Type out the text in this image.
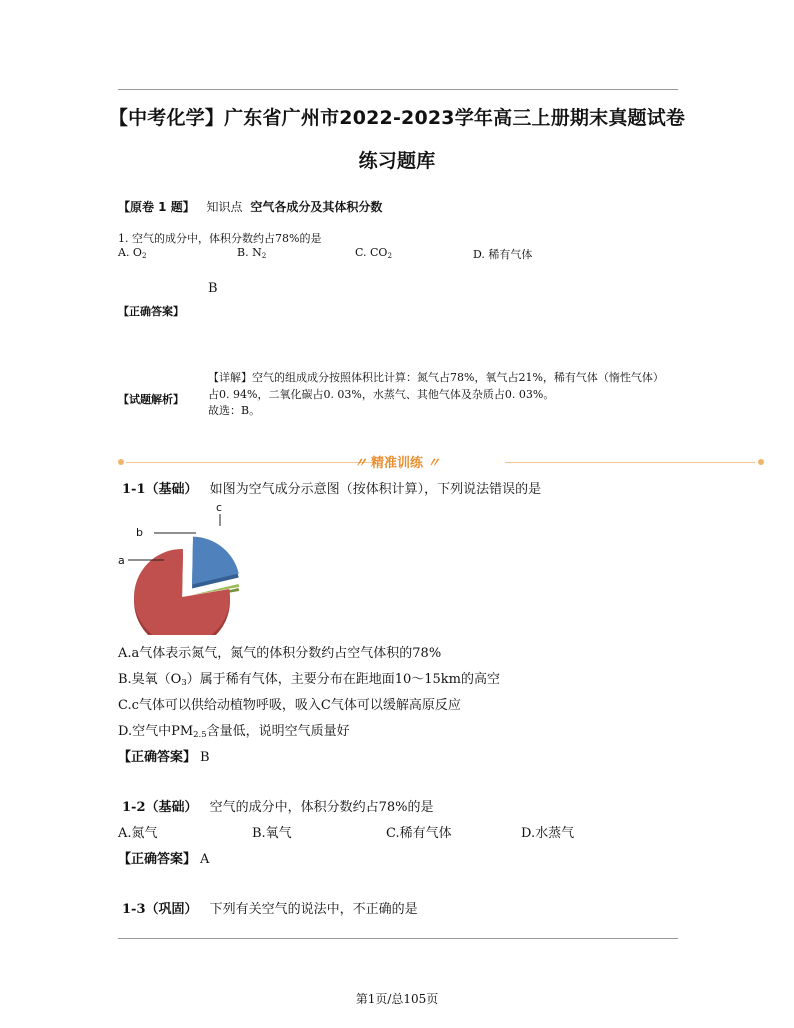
【中考化学】广东省广州市2022-2023学年高三上册期末真题试卷
练习题库
【原卷 1 题】 知识点 空气各成分及其体积分数
1. 空气的成分中，体积分数约占78%的是
A. $O_2$	B. $N_2$	C. $CO_2$	D. 稀有气体
B
【正确答案】
【详解】空气的组成成分按照体积比计算：氮气占78%，氧气占21%，稀有气体（惰性气体）
占0. 94%，二氧化碳占0. 03%，水蒸气、其他气体及杂质占0. 03%。
故选：B。
【试题解析】
〃 精准训练 〃
1-1（基础） 如图为空气成分示意图（按体积计算），下列说法错误的是
a
b
c
A.a气体表示氮气，氮气的体积分数约占空气体积的78%
B.臭氧$(O_3)$属于稀有气体，主要分布在距地面10～15km的高空
C.c气体可以供给动植物呼吸，吸入C气体可以缓解高原反应
D.空气中$PM_{2.5}$含量低，说明空气质量好
【正确答案】 B
1-2（基础） 空气的成分中，体积分数约占78%的是
A.氮气	B.氧气	C.稀有气体	D.水蒸气
【正确答案】 A
1-3（巩固） 下列有关空气的说法中，不正确的是
第1页/总105页
